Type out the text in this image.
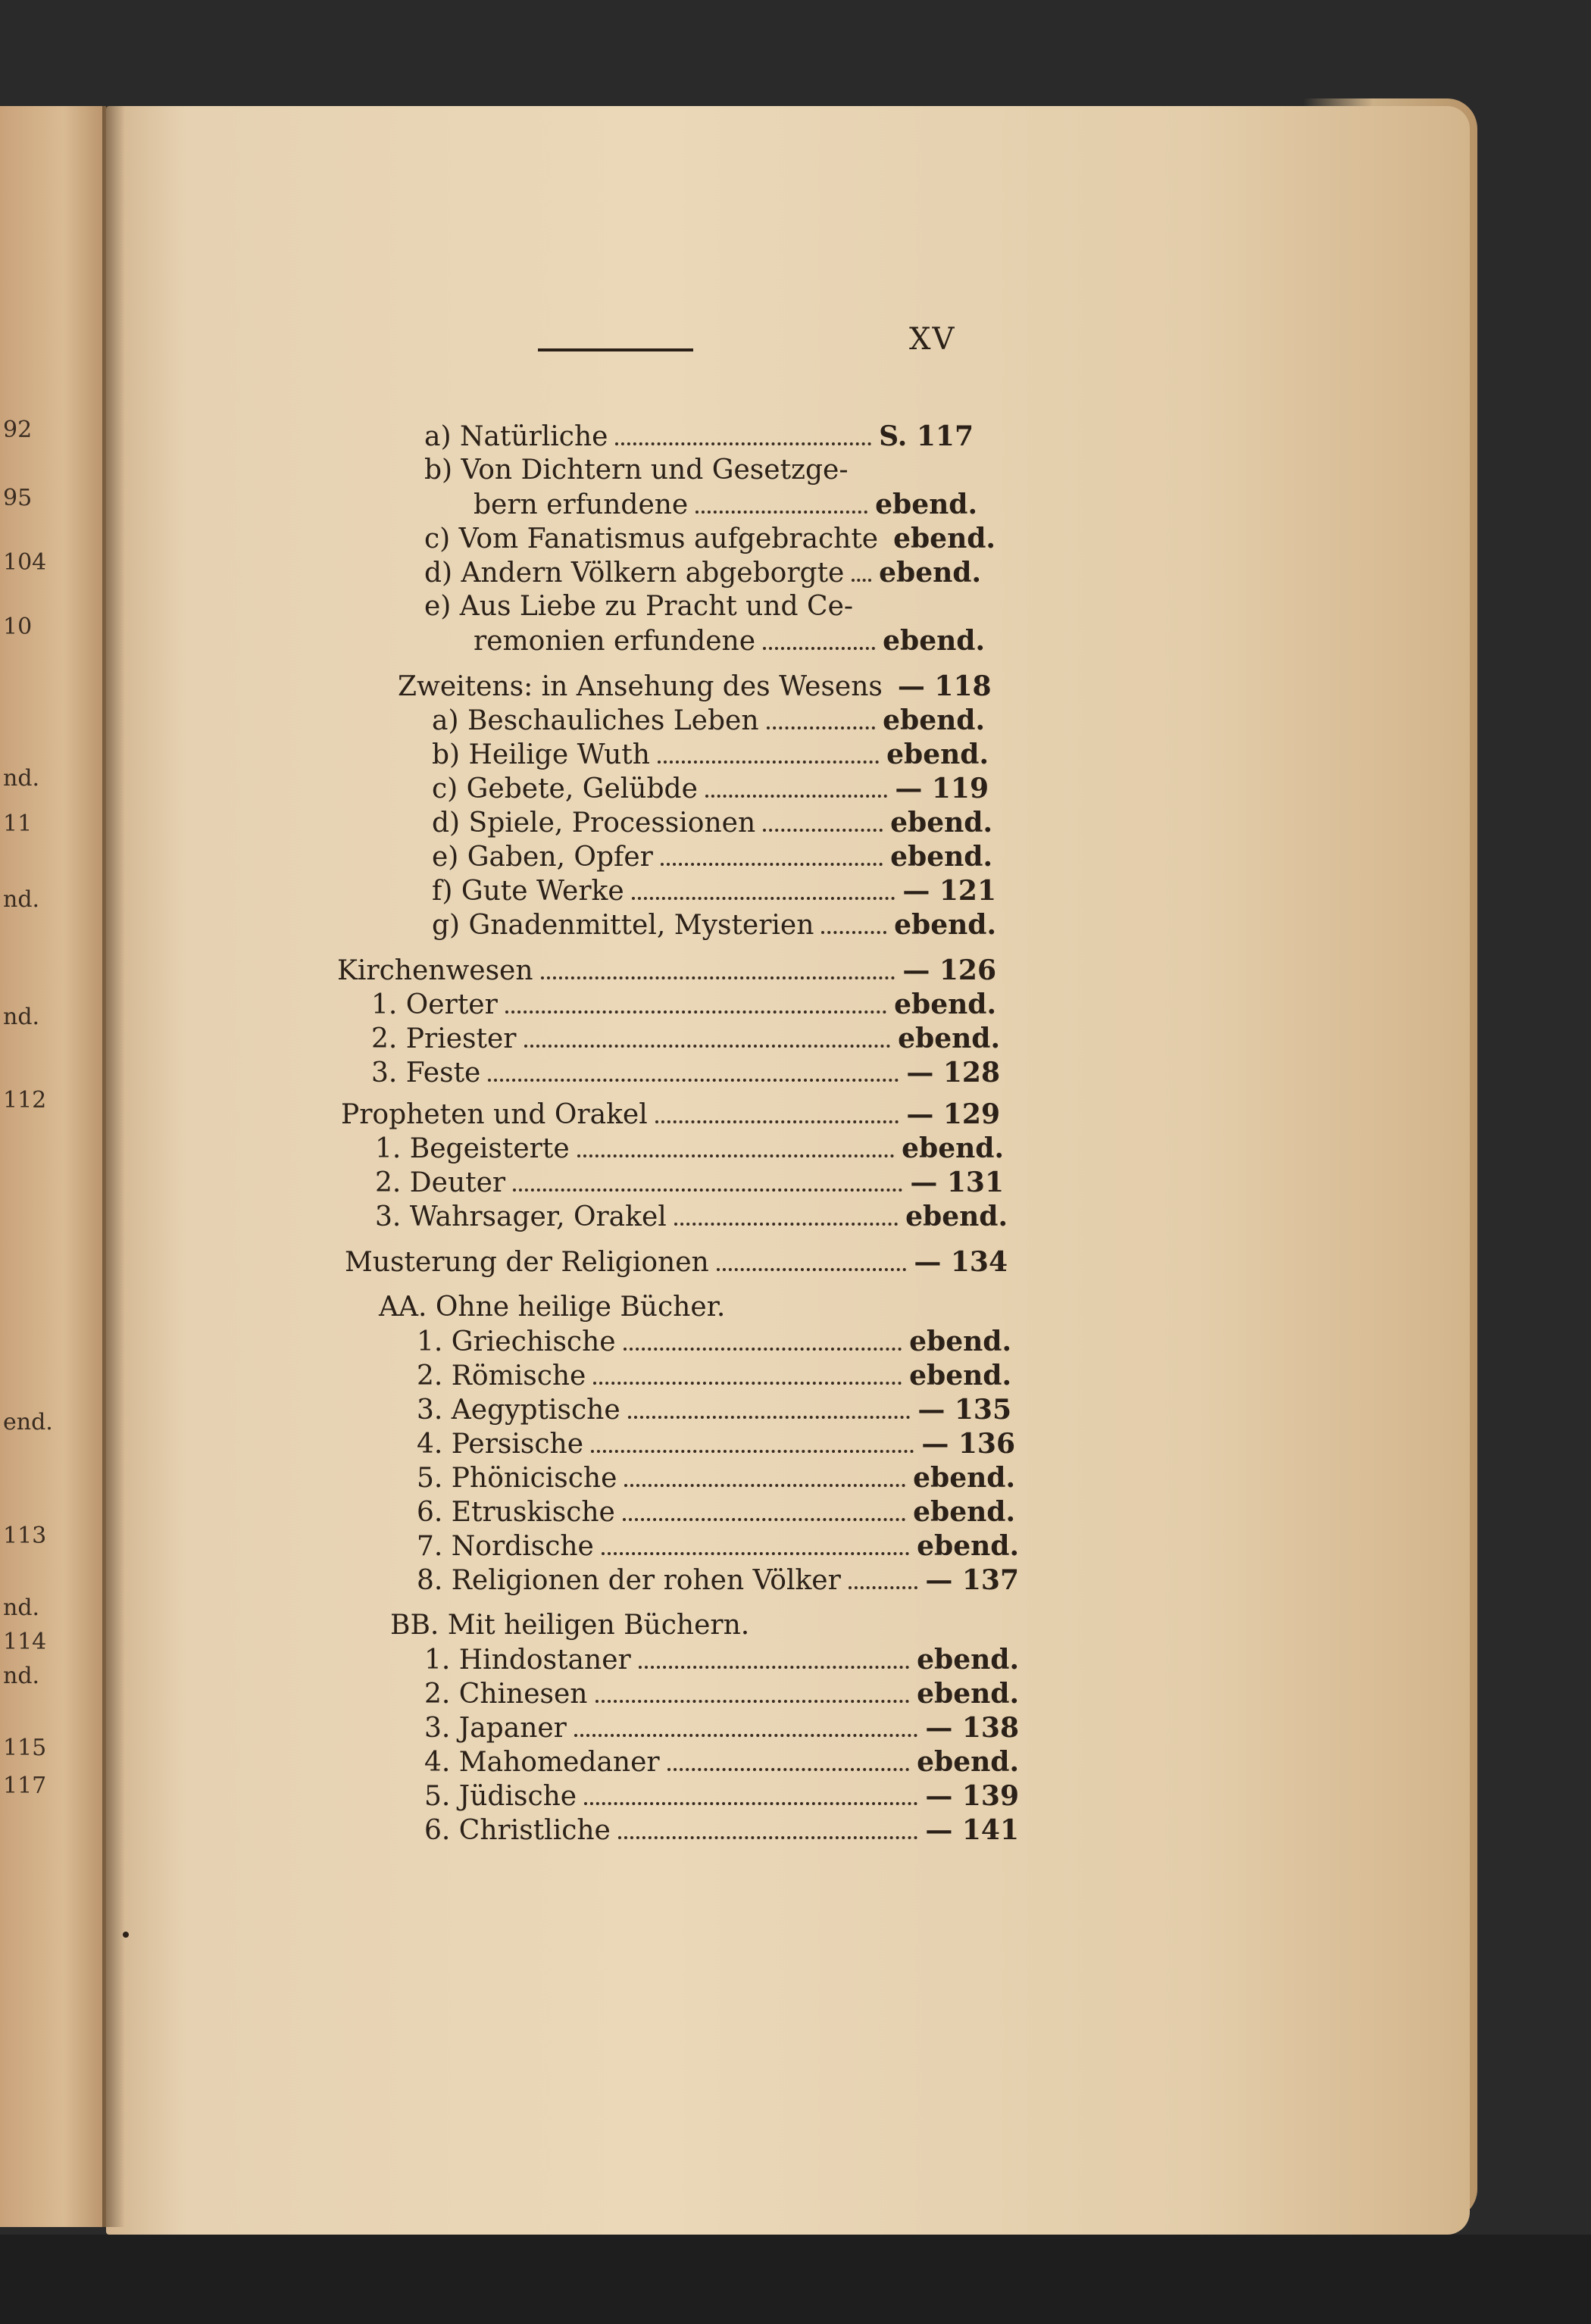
92
95
104
10
nd.
11
nd.
nd.
112
end.
113
nd.
114
nd.
115
117
XV
a) Natürliche	S. 117
b) Von Dichtern und Gesetzge-
bern erfundene	ebend.
c) Vom Fanatismus aufgebrachte ebend.
d) Andern Völkern abgeborgte ebend.
e) Aus Liebe zu Pracht und Ce-
remonien erfundene	ebend.
Zweitens: in Ansehung des Wesens — 118
a) Beschauliches Leben	ebend.
b) Heilige Wuth	ebend.
c) Gebete, Gelübde	— 119
d) Spiele, Processionen	ebend.
e) Gaben, Opfer	ebend.
f) Gute Werke	— 121
g) Gnadenmittel, Mysterien	ebend.
Kirchenwesen	— 126
1. Oerter	ebend.
2. Priester	ebend.
3. Feste	— 128
Propheten und Orakel	— 129
1. Begeisterte	ebend.
2. Deuter	— 131
3. Wahrsager, Orakel	ebend.
Musterung der Religionen	— 134
AA. Ohne heilige Bücher.
1. Griechische	ebend.
2. Römische	ebend.
3. Aegyptische	— 135
4. Persische	— 136
5. Phönicische	ebend.
6. Etruskische	ebend.
7. Nordische	ebend.
8. Religionen der rohen Völker	— 137
BB. Mit heiligen Büchern.
1. Hindostaner	ebend.
2. Chinesen	ebend.
3. Japaner	— 138
4. Mahomedaner	ebend.
5. Jüdische	— 139
6. Christliche	— 141
